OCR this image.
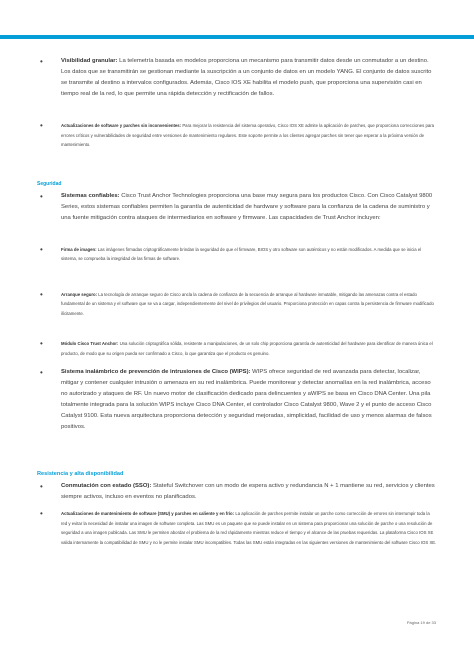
•	Visibilidad granular: La telemetría basada en modelos proporciona un mecanismo para transmitir datos desde un conmutador a un destino. Los datos que se transmitirán se gestionan mediante la suscripción a un conjunto de datos en un modelo YANG. El conjunto de datos suscrito se transmite al destino a intervalos configurados. Además, Cisco IOS XE habilita el modelo push, que proporciona una supervisión casi en tiempo real de la red, lo que permite una rápida detección y rectificación de fallos.
•	Actualizaciones de software y parches sin inconvenientes: Para mejorar la resistencia del sistema operativo, Cisco IOS XE admite la aplicación de parches, que proporciona correcciones para errores críticos y vulnerabilidades de seguridad entre versiones de mantenimiento regulares. Este soporte permite a los clientes agregar parches sin tener que esperar a la próxima versión de mantenimiento.
Seguridad
•	Sistemas confiables: Cisco Trust Anchor Technologies proporciona una base muy segura para los productos Cisco. Con Cisco Catalyst 9800 Series, estos sistemas confiables permiten la garantía de autenticidad de hardware y software para la confianza de la cadena de suministro y una fuente mitigación contra ataques de intermediarios en software y firmware. Las capacidades de Trust Anchor incluyen:
•	Firma de imagen: Las imágenes firmadas criptográficamente brindan la seguridad de que el firmware, BIOS y otro software son auténticos y no están modificados. A medida que se inicia el sistema, se comprueba la integridad de las firmas de software.
•	Arranque seguro: La tecnología de arranque seguro de Cisco ancla la cadena de confianza de la secuencia de arranque al hardware inmutable, mitigando las amenazas contra el estado fundamental de un sistema y el software que se va a cargar, independientemente del nivel de privilegios del usuario. Proporciona protección en capas contra la persistencia de firmware modificado ilícitamente.
•	Módulo Cisco Trust Anchor: Una solución criptográfica sólida, resistente a manipulaciones, de un solo chip proporciona garantía de autenticidad del hardware para identificar de manera única el producto, de modo que su origen pueda ser confirmado a Cisco, lo que garantiza que el producto es genuino.
•	Sistema inalámbrico de prevención de intrusiones de Cisco (WIPS): WIPS ofrece seguridad de red avanzada para detectar, localizar, mitigar y contener cualquier intrusión o amenaza en su red inalámbrica. Puede monitorear y detectar anomalías en la red inalámbrica, acceso no autorizado y ataques de RF. Un nuevo motor de clasificación dedicado para delincuentes y aWIPS se basa en Cisco DNA Center. Una pila totalmente integrada para la solución WIPS incluye Cisco DNA Center, el controlador Cisco Catalyst 9800, Wave 2 y el punto de acceso Cisco Catalyst 9100. Esta nueva arquitectura proporciona detección y seguridad mejoradas, simplicidad, facilidad de uso y menos alarmas de falsos positivos.
Resistencia y alta disponibilidad
•	Conmutación con estado (SSO): Stateful Switchover con un modo de espera activo y redundancia N + 1 mantiene su red, servicios y clientes siempre activos, incluso en eventos no planificados.
•	Actualizaciones de mantenimiento de software (SMU) y parches en caliente y en frío: La aplicación de parches permite instalar un parche como corrección de errores sin interrumpir toda la red y evitar la necesidad de instalar una imagen de software completa. Las SMU es un paquete que se puede instalar en un sistema para proporcionar una solución de parche o una resolución de seguridad a una imagen publicada. Las SMU le permiten abordar el problema de la red rápidamente mientras reduce el tiempo y el alcance de las pruebas requeridas. La plataforma Cisco IOS XE valida internamente la compatibilidad de SMU y no le permite instalar SMU incompatibles. Todas las SMU están integradas en las siguientes versiones de mantenimiento del software Cisco IOS XE.
Página 19 de 33
